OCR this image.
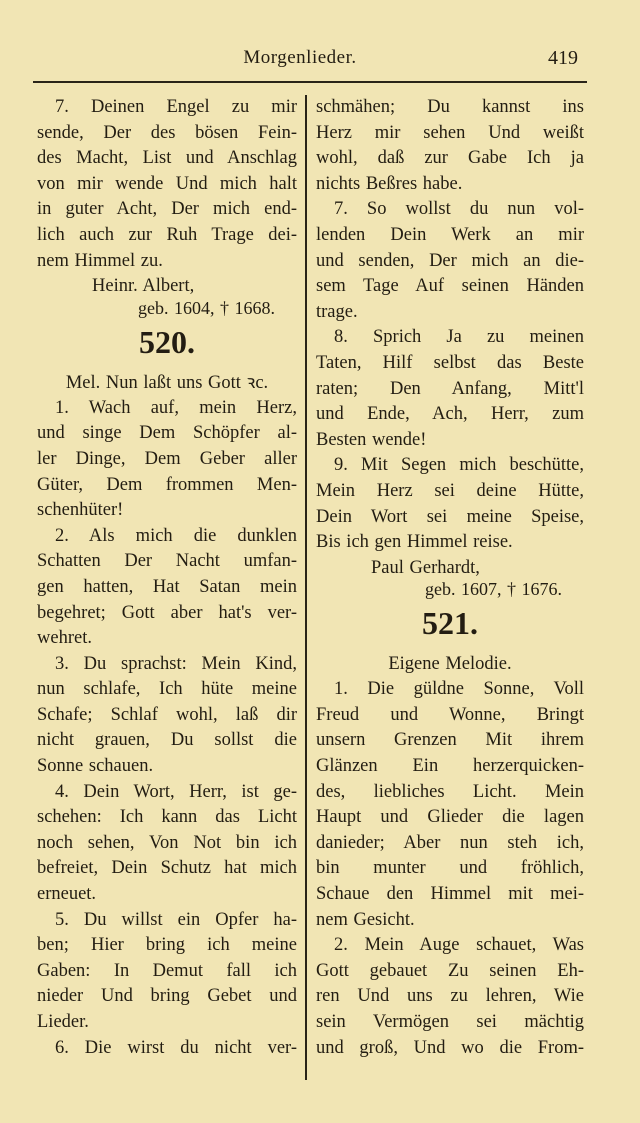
Morgenlieder.	419
7. Deinen Engel zu mir
sende, Der des bösen Fein-
des Macht, List und Anschlag
von mir wende Und mich halt
in guter Acht, Der mich end-
lich auch zur Ruh Trage dei-
nem Himmel zu.
Heinr. Albert,
geb. 1604, † 1668.
520.
Mel. Nun laßt uns Gott ꝛc.
1. Wach auf, mein Herz,
und singe Dem Schöpfer al-
ler Dinge, Dem Geber aller
Güter, Dem frommen Men-
schenhüter!
2. Als mich die dunklen
Schatten Der Nacht umfan-
gen hatten, Hat Satan mein
begehret; Gott aber hat's ver-
wehret.
3. Du sprachst: Mein Kind,
nun schlafe, Ich hüte meine
Schafe; Schlaf wohl, laß dir
nicht grauen, Du sollst die
Sonne schauen.
4. Dein Wort, Herr, ist ge-
schehen: Ich kann das Licht
noch sehen, Von Not bin ich
befreiet, Dein Schutz hat mich
erneuet.
5. Du willst ein Opfer ha-
ben; Hier bring ich meine
Gaben: In Demut fall ich
nieder Und bring Gebet und
Lieder.
6. Die wirst du nicht ver-
schmähen; Du kannst ins
Herz mir sehen Und weißt
wohl, daß zur Gabe Ich ja
nichts Beßres habe.
7. So wollst du nun vol-
lenden Dein Werk an mir
und senden, Der mich an die-
sem Tage Auf seinen Händen
trage.
8. Sprich Ja zu meinen
Taten, Hilf selbst das Beste
raten; Den Anfang, Mitt'l
und Ende, Ach, Herr, zum
Besten wende!
9. Mit Segen mich beschütte,
Mein Herz sei deine Hütte,
Dein Wort sei meine Speise,
Bis ich gen Himmel reise.
Paul Gerhardt,
geb. 1607, † 1676.
521.
Eigene Melodie.
1. Die güldne Sonne, Voll
Freud und Wonne, Bringt
unsern Grenzen Mit ihrem
Glänzen Ein herzerquicken-
des, liebliches Licht. Mein
Haupt und Glieder die lagen
danieder; Aber nun steh ich,
bin munter und fröhlich,
Schaue den Himmel mit mei-
nem Gesicht.
2. Mein Auge schauet, Was
Gott gebauet Zu seinen Eh-
ren Und uns zu lehren, Wie
sein Vermögen sei mächtig
und groß, Und wo die From-
